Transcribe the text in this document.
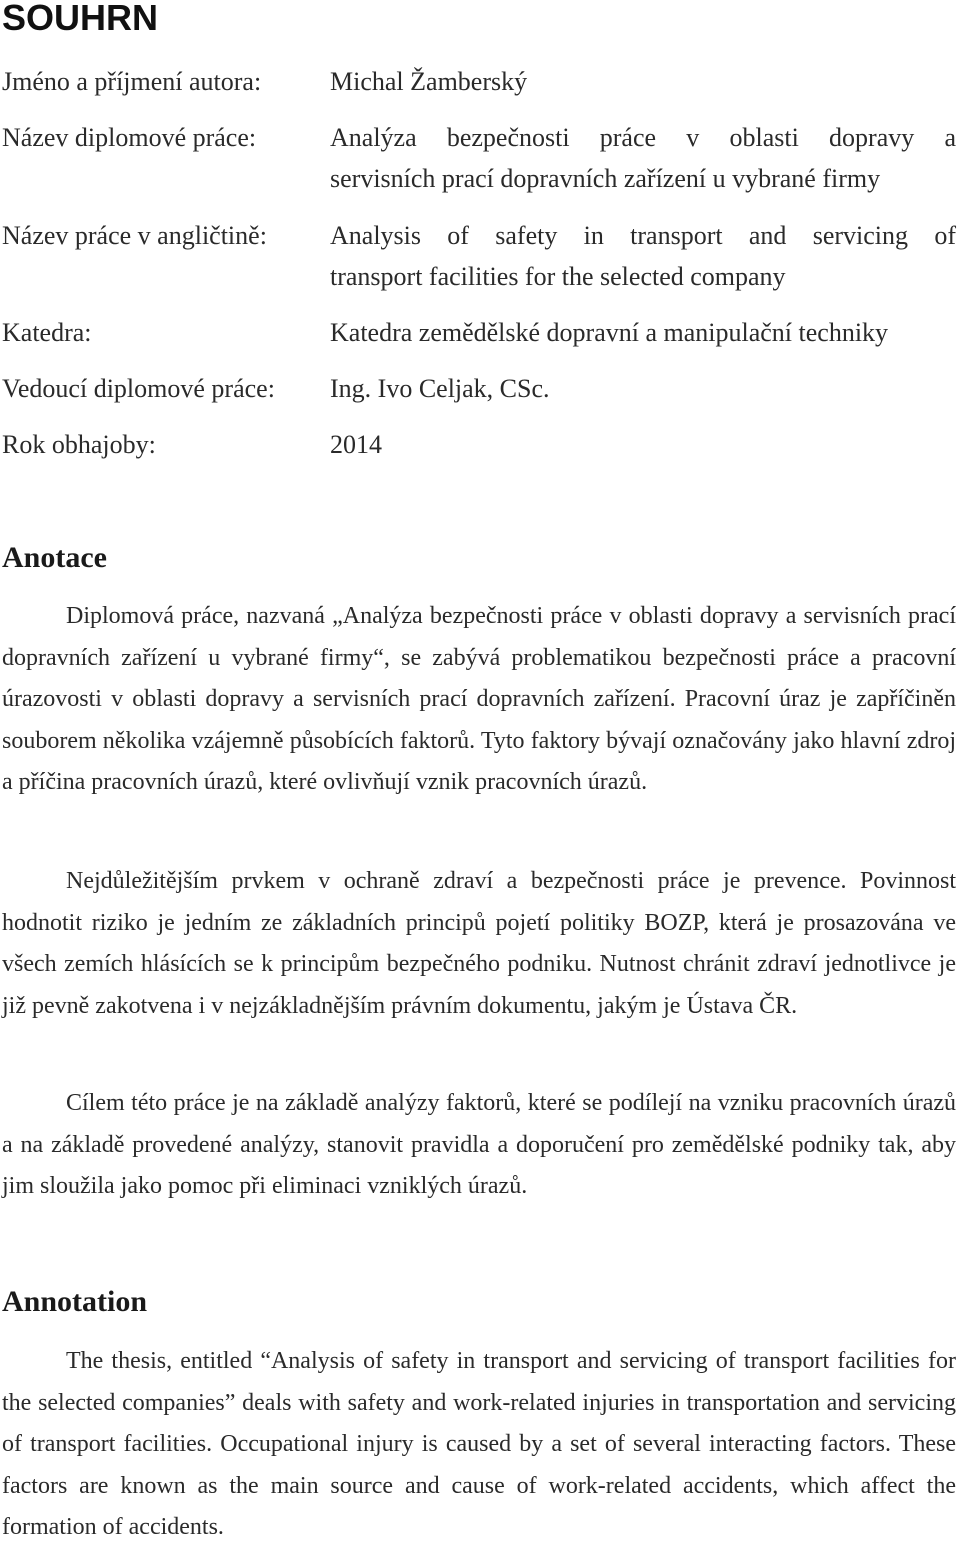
SOUHRN
Jméno a příjmení autora:	Michal Žamberský
Název diplomové práce:	Analýza bezpečnosti práce v oblasti dopravy a
servisních prací dopravních zařízení u vybrané firmy
Název práce v angličtině: Analysis of safety in transport and servicing of
transport facilities for the selected company
Katedra:	Katedra zemědělské dopravní a manipulační techniky
Vedoucí diplomové práce: Ing. Ivo Celjak, CSc.
Rok obhajoby:	2014
Anotace

Diplomová práce, nazvaná „Analýza bezpečnosti práce v oblasti dopravy a servisních prací dopravních zařízení u vybrané firmy“, se zabývá problematikou bezpečnosti práce a pracovní úrazovosti v oblasti dopravy a servisních prací dopravních zařízení. Pracovní úraz je zapříčiněn souborem několika vzájemně působících faktorů. Tyto faktory bývají označovány jako hlavní zdroj a příčina pracovních úrazů, které ovlivňují vznik pracovních úrazů.

Nejdůležitějším prvkem v ochraně zdraví a bezpečnosti práce je prevence. Povinnost hodnotit riziko je jedním ze základních principů pojetí politiky BOZP, která je prosazována ve všech zemích hlásících se k principům bezpečného podniku. Nutnost chránit zdraví jednotlivce je již pevně zakotvena i v nejzákladnějším právním dokumentu, jakým je Ústava ČR.

Cílem této práce je na základě analýzy faktorů, které se podílejí na vzniku pracovních úrazů a na základě provedené analýzy, stanovit pravidla a doporučení pro zemědělské podniky tak, aby jim sloužila jako pomoc při eliminaci vzniklých úrazů.

Annotation

The thesis, entitled “Analysis of safety in transport and servicing of transport facilities for the selected companies” deals with safety and work-related injuries in transportation and servicing of transport facilities. Occupational injury is caused by a set of several interacting factors. These factors are known as the main source and cause of work-related accidents, which affect the formation of accidents.
